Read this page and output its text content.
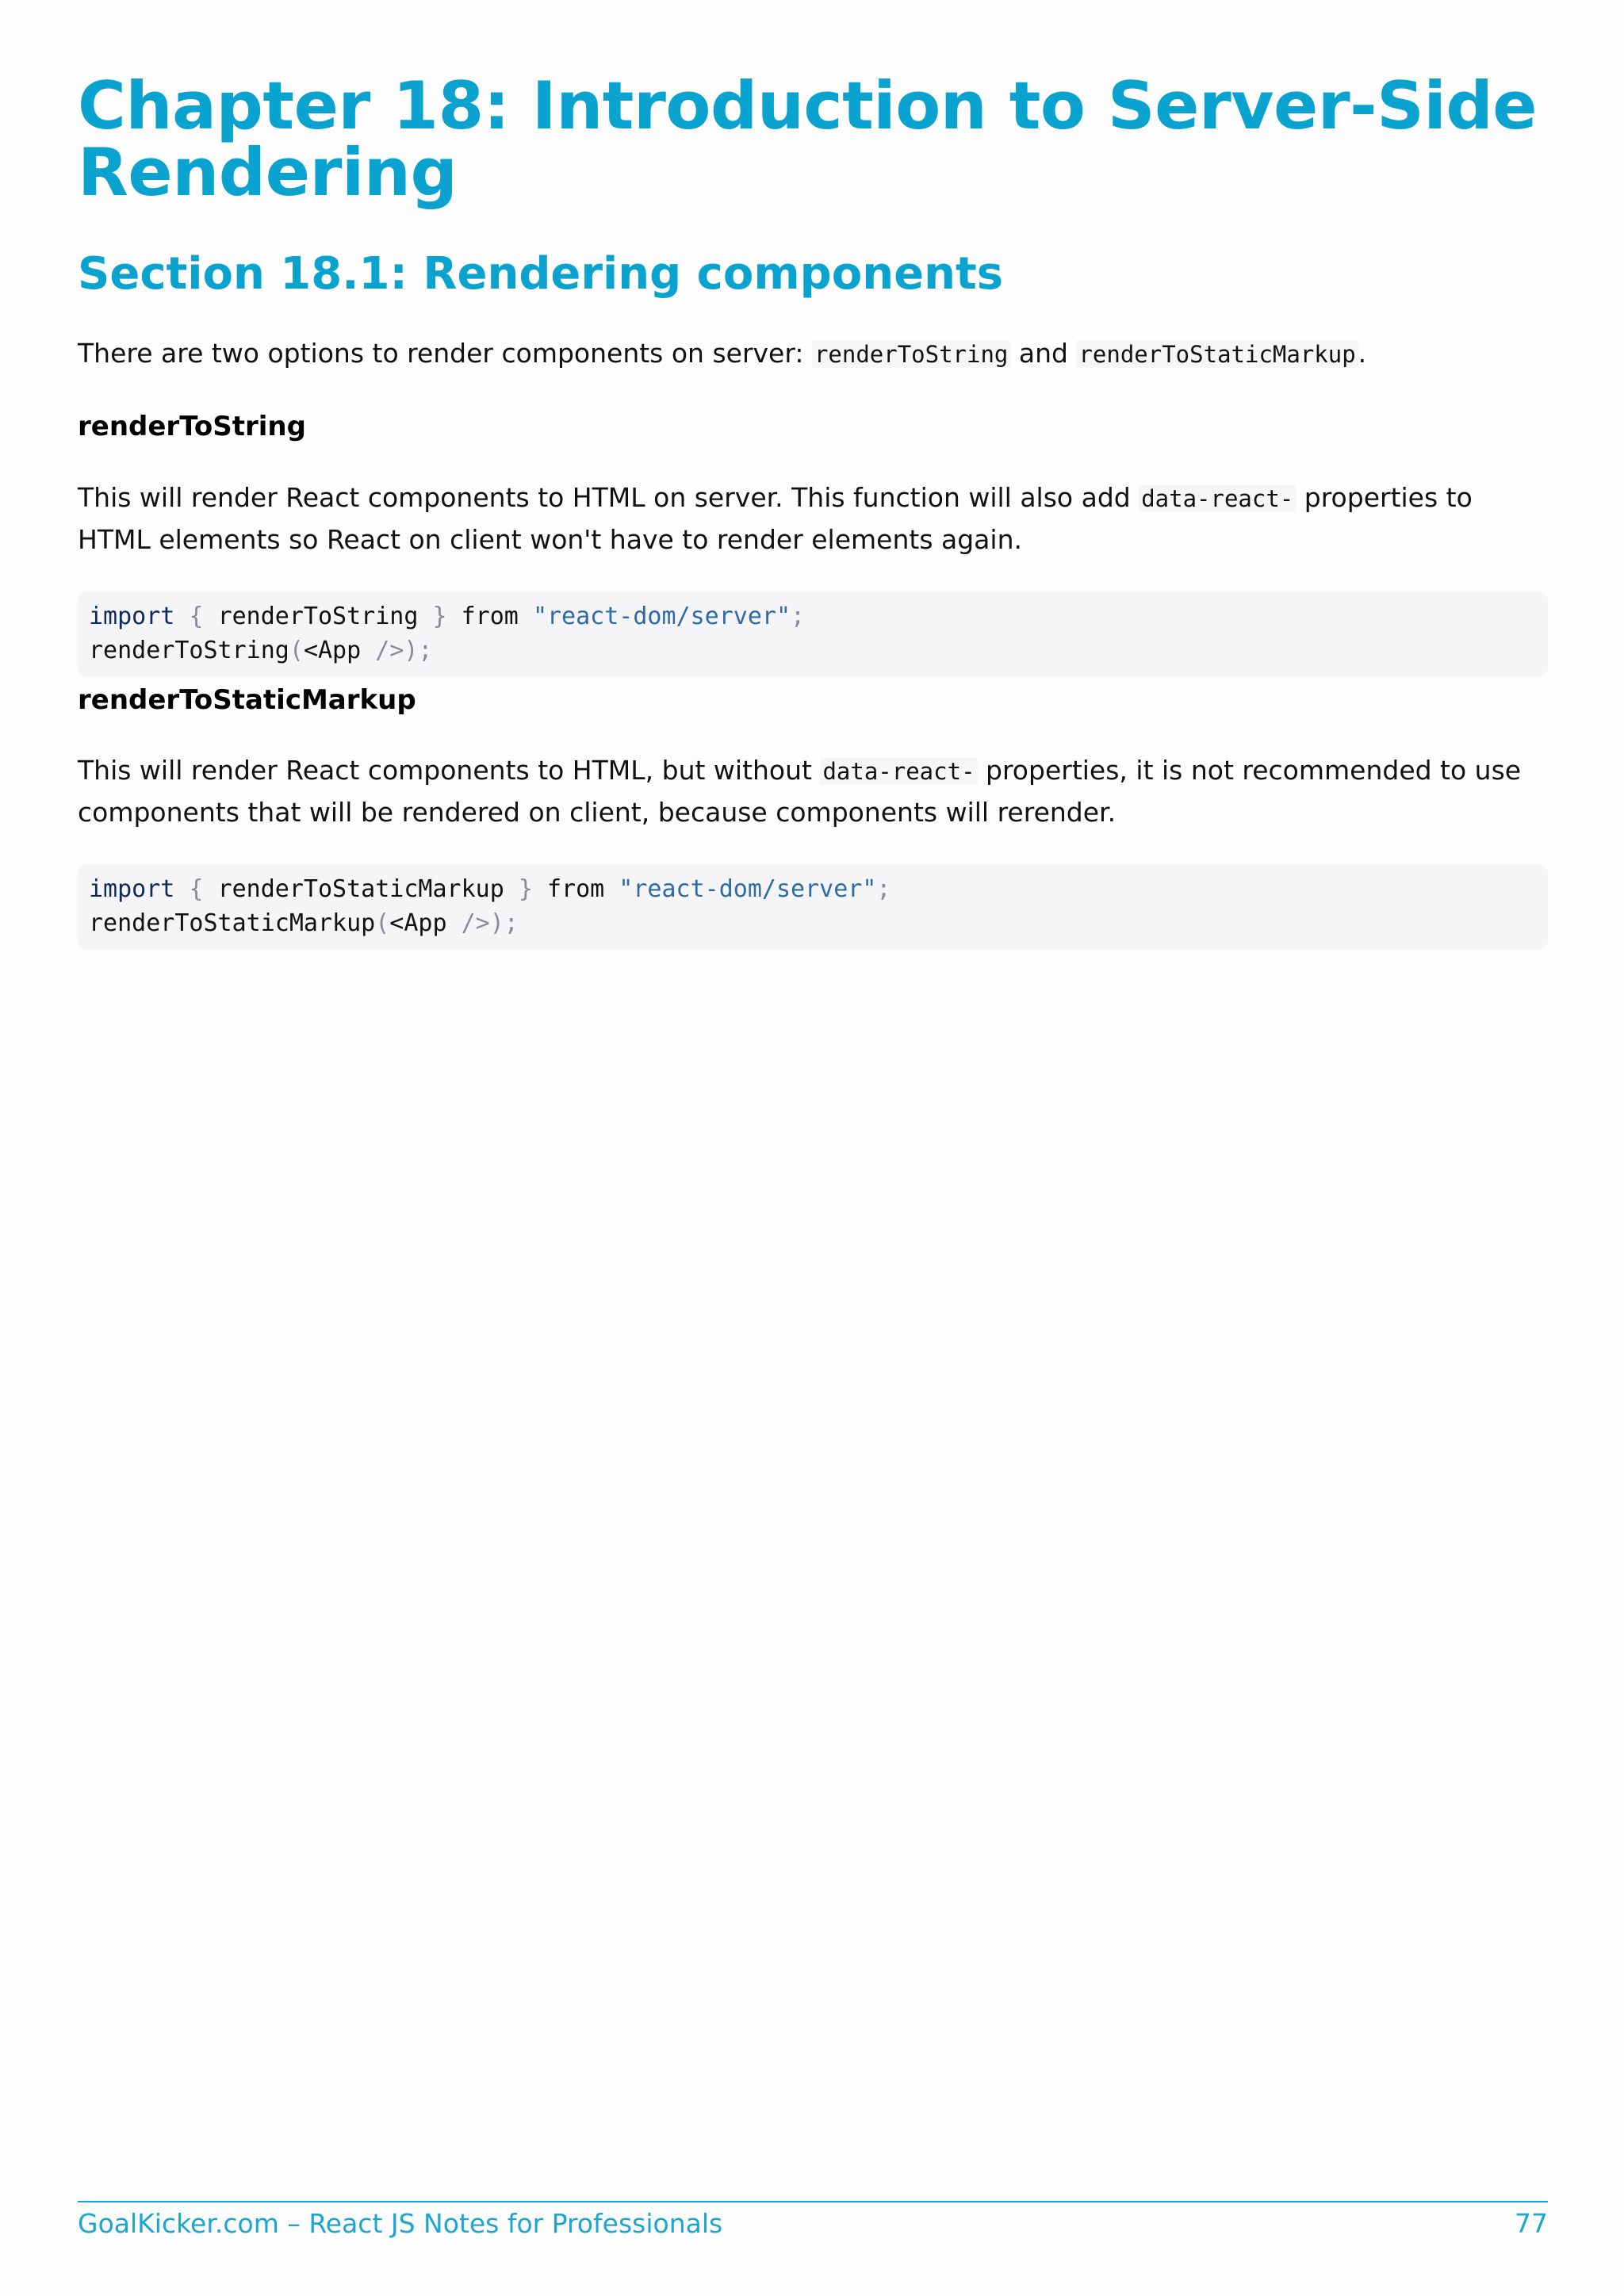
Chapter 18: Introduction to Server-Side Rendering
Section 18.1: Rendering components

There are two options to render components on server: renderToString and renderToStaticMarkup.

renderToString

This will render React components to HTML on server. This function will also add data-react- properties to HTML elements so React on client won't have to render elements again.

import { renderToString } from "react-dom/server";
renderToString(<App />);
renderToStaticMarkup

This will render React components to HTML, but without data-react- properties, it is not recommended to use components that will be rendered on client, because components will rerender.

import { renderToStaticMarkup } from "react-dom/server";
renderToStaticMarkup(<App />);
GoalKicker.com – React JS Notes for Professionals	77
